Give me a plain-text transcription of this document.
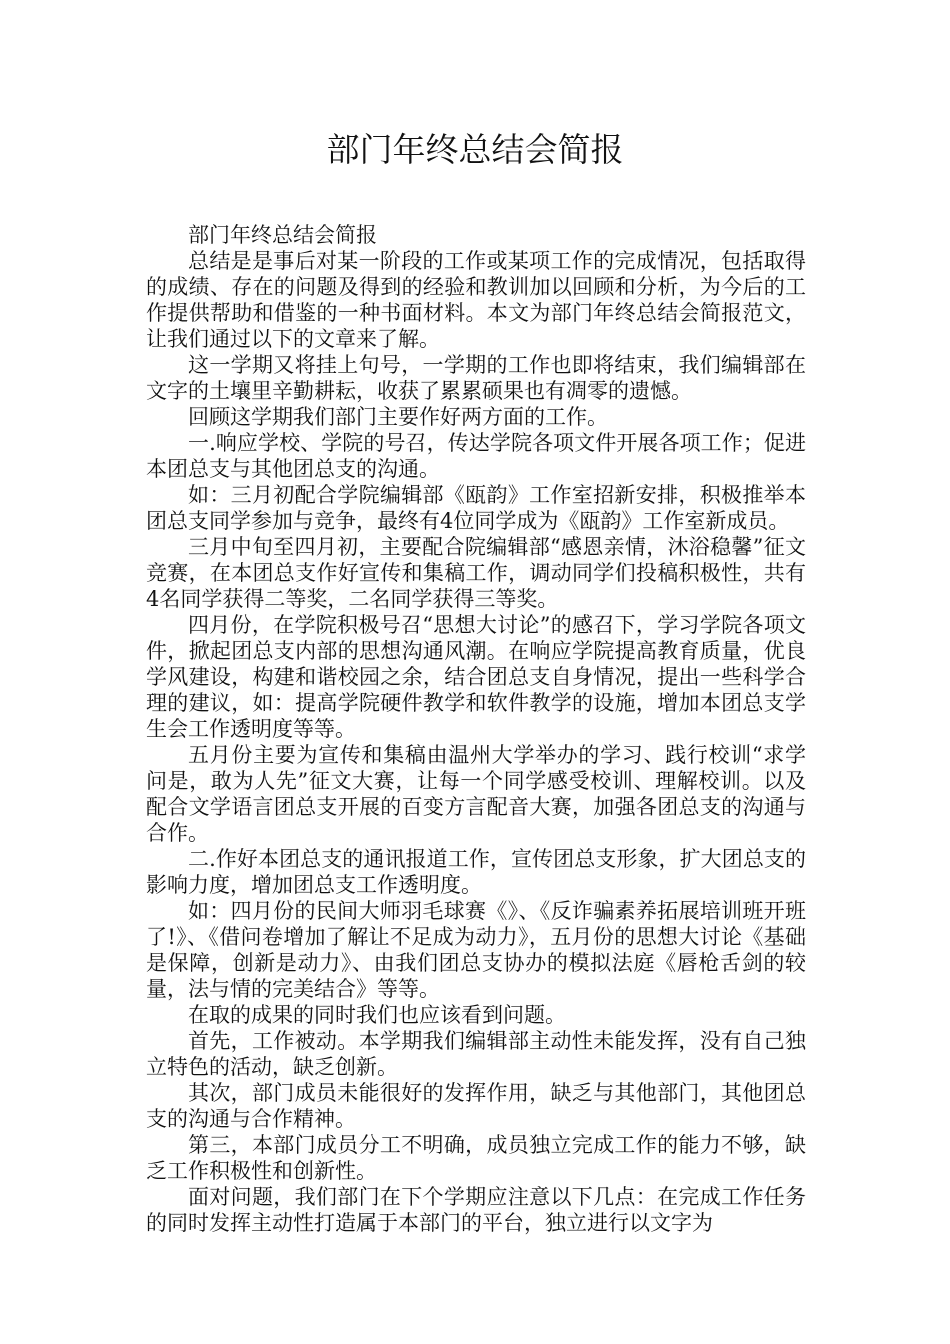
部门年终总结会简报

部门年终总结会简报

总结是是事后对某一阶段的工作或某项工作的完成情况，包括取得的成绩、存在的问题及得到的经验和教训加以回顾和分析，为今后的工作提供帮助和借鉴的一种书面材料。本文为部门年终总结会简报范文，让我们通过以下的文章来了解。

这一学期又将挂上句号，一学期的工作也即将结束，我们编辑部在文字的土壤里辛勤耕耘，收获了累累硕果也有凋零的遗憾。

回顾这学期我们部门主要作好两方面的工作。

一.响应学校、学院的号召，传达学院各项文件开展各项工作；促进本团总支与其他团总支的沟通。

如：三月初配合学院编辑部《瓯韵》工作室招新安排，积极推举本团总支同学参加与竞争，最终有4位同学成为《瓯韵》工作室新成员。

三月中旬至四月初，主要配合院编辑部“感恩亲情，沐浴稳馨”征文竞赛，在本团总支作好宣传和集稿工作，调动同学们投稿积极性，共有4名同学获得二等奖，二名同学获得三等奖。

四月份，在学院积极号召“思想大讨论”的感召下，学习学院各项文件，掀起团总支内部的思想沟通风潮。在响应学院提高教育质量，优良学风建设，构建和谐校园之余，结合团总支自身情况，提出一些科学合理的建议，如：提高学院硬件教学和软件教学的设施，增加本团总支学生会工作透明度等等。

五月份主要为宣传和集稿由温州大学举办的学习、践行校训“求学问是，敢为人先”征文大赛，让每一个同学感受校训、理解校训。以及配合文学语言团总支开展的百变方言配音大赛，加强各团总支的沟通与合作。

二.作好本团总支的通讯报道工作，宣传团总支形象，扩大团总支的影响力度，增加团总支工作透明度。

如：四月份的民间大师羽毛球赛《》、《反诈骗素养拓展培训班开班了!》、《借问卷增加了解让不足成为动力》，五月份的思想大讨论《基础是保障，创新是动力》、由我们团总支协办的模拟法庭《唇枪舌剑的较量，法与情的完美结合》等等。

在取的成果的同时我们也应该看到问题。

首先，工作被动。本学期我们编辑部主动性未能发挥，没有自己独立特色的活动，缺乏创新。

其次，部门成员未能很好的发挥作用，缺乏与其他部门，其他团总支的沟通与合作精神。

第三，本部门成员分工不明确，成员独立完成工作的能力不够，缺乏工作积极性和创新性。

面对问题，我们部门在下个学期应注意以下几点：在完成工作任务的同时发挥主动性打造属于本部门的平台，独立进行以文字为
